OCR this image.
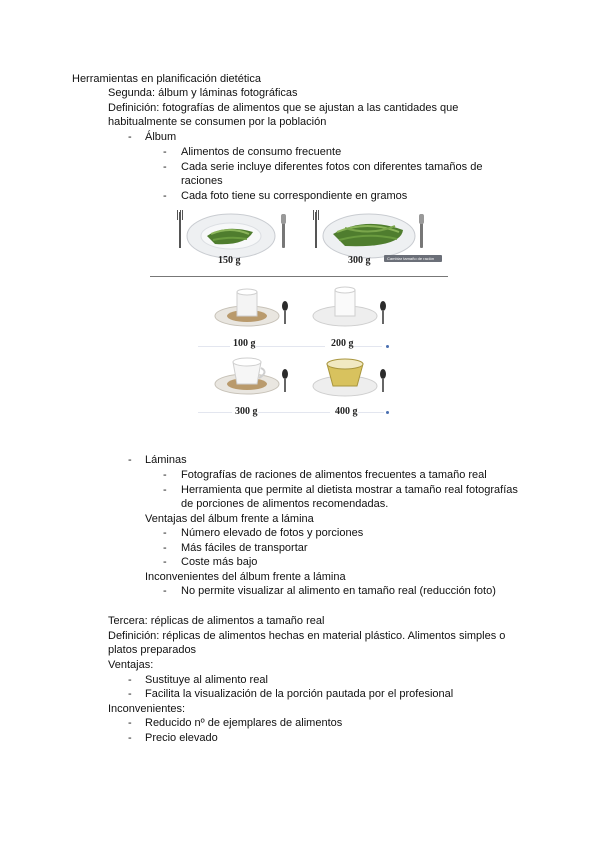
Herramientas en planificación dietética
Segunda: álbum y láminas fotográficas
Definición: fotografías de alimentos que se ajustan a las cantidades que
habitualmente se consumen por la población
- Álbum
- Alimentos de consumo frecuente
- Cada serie incluye diferentes fotos con diferentes tamaños de
raciones
- Cada foto tiene su correspondiente en gramos
150 g	300 g	Cambiar tamaño de ración
100 g	200 g
300 g	400 g
- Láminas
- Fotografías de raciones de alimentos frecuentes a tamaño real
- Herramienta que permite al dietista mostrar a tamaño real fotografías
de porciones de alimentos recomendadas.
Ventajas del álbum frente a lámina
- Número elevado de fotos y porciones
- Más fáciles de transportar
- Coste más bajo
Inconvenientes del álbum frente a lámina
- No permite visualizar al alimento en tamaño real (reducción foto)
Tercera: réplicas de alimentos a tamaño real
Definición: réplicas de alimentos hechas en material plástico. Alimentos simples o
platos preparados
Ventajas:
- Sustituye al alimento real
- Facilita la visualización de la porción pautada por el profesional
Inconvenientes:
- Reducido nº de ejemplares de alimentos
- Precio elevado
